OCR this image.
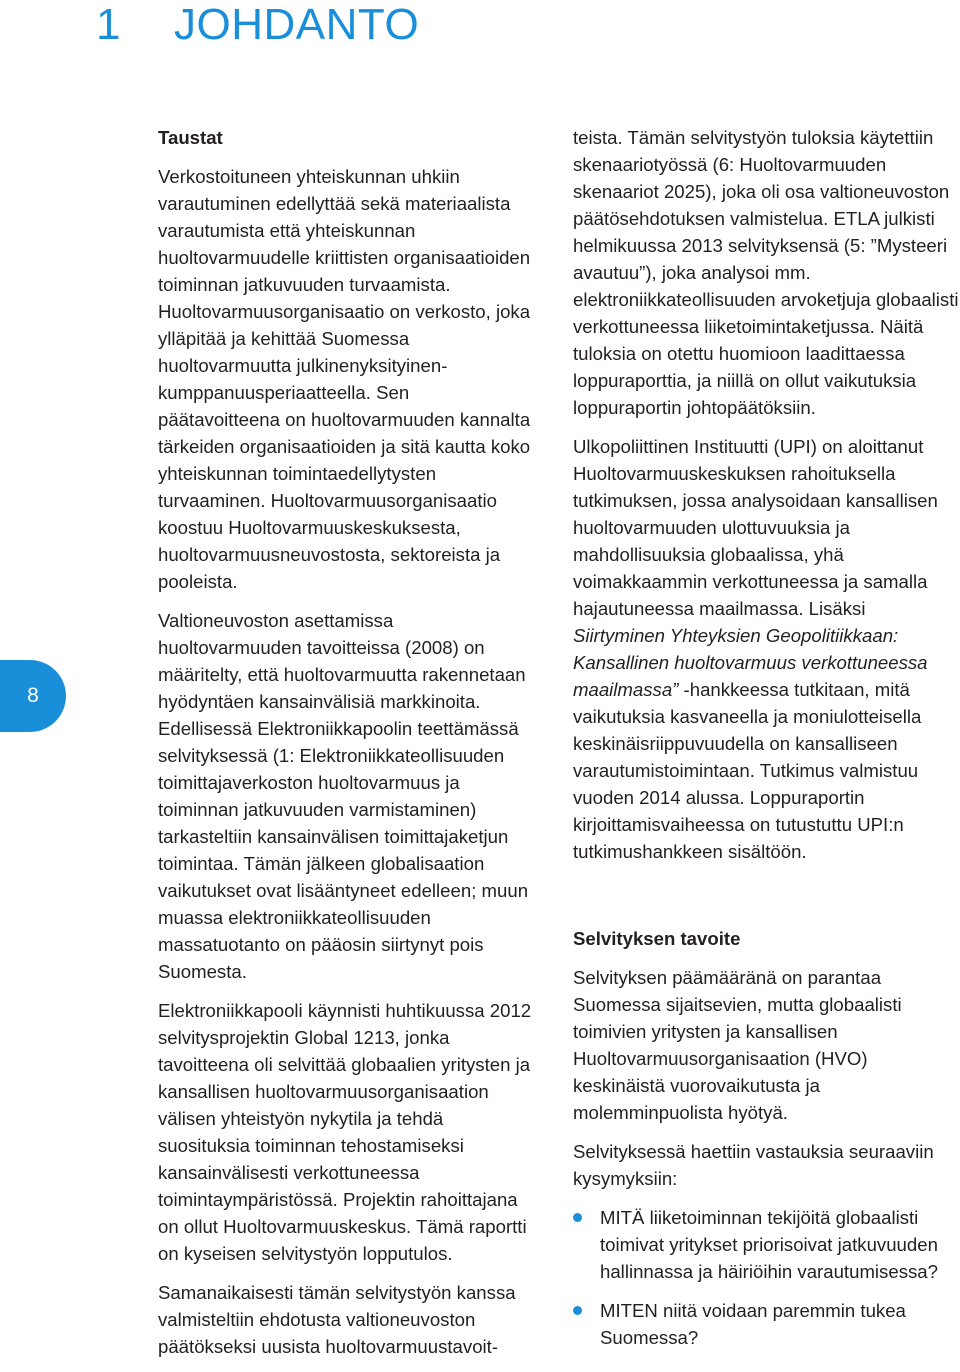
1 JOHDANTO
8
Taustat

Verkostoituneen yhteiskunnan uhkiin varautuminen edellyttää sekä materiaalista varautumista että yhteiskunnan huoltovarmuudelle kriittisten organisaatioiden toiminnan jatkuvuuden turvaamista. Huoltovarmuusorganisaatio on verkosto, joka ylläpitää ja kehittää Suomessa huoltovarmuutta julkinenyksityinen-kumppanuusperiaatteella. Sen päätavoitteena on huoltovarmuuden kannalta tärkeiden organisaatioiden ja sitä kautta koko yhteiskunnan toimintaedellytysten turvaaminen. Huoltovarmuusorganisaatio koostuu Huoltovarmuuskeskuksesta, huoltovarmuusneuvostosta, sektoreista ja pooleista.

Valtioneuvoston asettamissa huoltovarmuuden tavoitteissa (2008) on määritelty, että huoltovarmuutta rakennetaan hyödyntäen kansainvälisiä markkinoita. Edellisessä Elektroniikkapoolin teettämässä selvityksessä (1: Elektroniikkateollisuuden toimittajaverkoston huoltovarmuus ja toiminnan jatkuvuuden varmistaminen) tarkasteltiin kansainvälisen toimittajaketjun toimintaa. Tämän jälkeen globalisaation vaikutukset ovat lisääntyneet edelleen; muun muassa elektroniikkateollisuuden massatuotanto on pääosin siirtynyt pois Suomesta.

Elektroniikkapooli käynnisti huhtikuussa 2012 selvitysprojektin Global 1213, jonka tavoitteena oli selvittää globaalien yritysten ja kansallisen huoltovarmuusorganisaation välisen yhteistyön nykytila ja tehdä suosituksia toiminnan tehostamiseksi kansainvälisesti verkottuneessa toimintaympäristössä. Projektin rahoittajana on ollut Huoltovarmuuskeskus. Tämä raportti on kyseisen selvitystyön lopputulos.

Samanaikaisesti tämän selvitystyön kanssa valmisteltiin ehdotusta valtioneuvoston päätökseksi uusista huoltovarmuustavoit-

teista. Tämän selvitystyön tuloksia käytettiin skenaariotyössä (6: Huoltovarmuuden skenaariot 2025), joka oli osa valtioneuvoston päätösehdotuksen valmistelua. ETLA julkisti helmikuussa 2013 selvityksensä (5: ”Mysteeri avautuu”), joka analysoi mm. elektroniikkateollisuuden arvoketjuja globaalisti verkottuneessa liiketoimintaketjussa. Näitä tuloksia on otettu huomioon laadittaessa loppuraporttia, ja niillä on ollut vaikutuksia loppuraportin johtopäätöksiin.

Ulkopoliittinen Instituutti (UPI) on aloittanut Huoltovarmuuskeskuksen rahoituksella tutkimuksen, jossa analysoidaan kansallisen huoltovarmuuden ulottuvuuksia ja mahdollisuuksia globaalissa, yhä voimakkaammin verkottuneessa ja samalla hajautuneessa maailmassa. Lisäksi Siirtyminen Yhteyksien Geopolitiikkaan: Kansallinen huoltovarmuus verkottuneessa maailmassa” -hankkeessa tutkitaan, mitä vaikutuksia kasvaneella ja moniulotteisella keskinäisriippuvuudella on kansalliseen varautumistoimintaan. Tutkimus valmistuu vuoden 2014 alussa. Loppuraportin kirjoittamisvaiheessa on tutustuttu UPI:n tutkimushankkeen sisältöön.

Selvityksen tavoite

Selvityksen päämääränä on parantaa Suomessa sijaitsevien, mutta globaalisti toimivien yritysten ja kansallisen Huoltovarmuusorganisaation (HVO) keskinäistä vuorovaikutusta ja molemminpuolista hyötyä.

Selvityksessä haettiin vastauksia seuraaviin kysymyksiin:

MITÄ liiketoiminnan tekijöitä globaalisti toimivat yritykset priorisoivat jatkuvuuden hallinnassa ja häiriöihin varautumisessa?
MITEN niitä voidaan paremmin tukea Suomessa?
